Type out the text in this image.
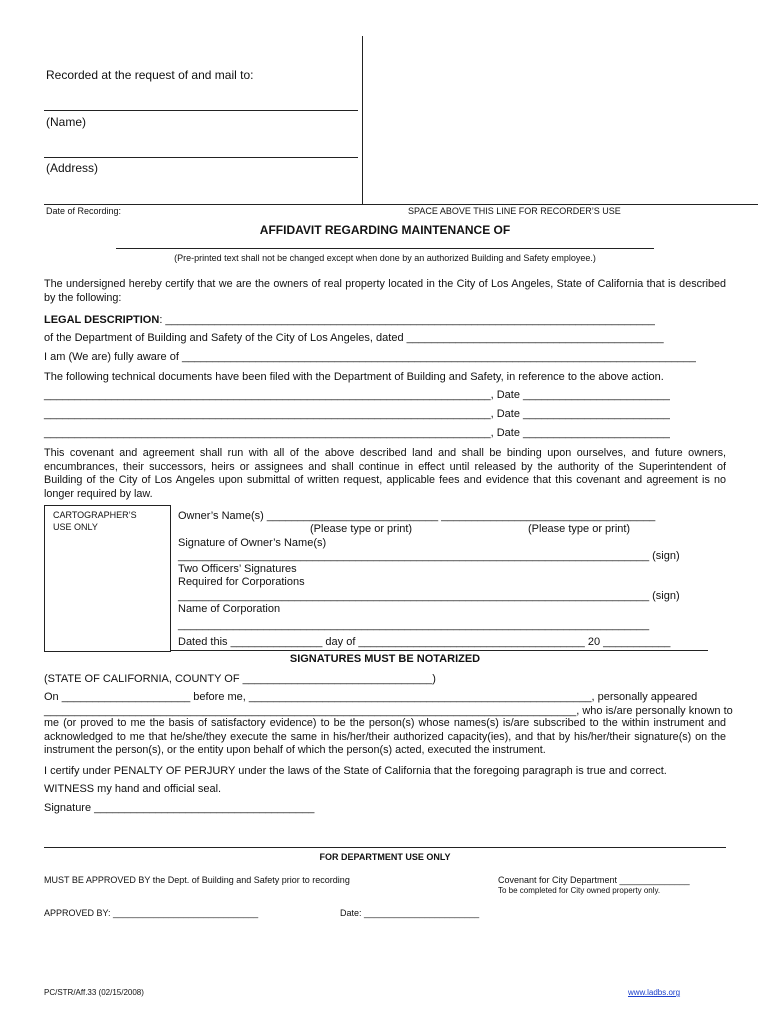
Recorded at the request of and mail to:
(Name)
(Address)
Date of Recording:	SPACE ABOVE THIS LINE FOR RECORDER’S USE
AFFIDAVIT REGARDING MAINTENANCE OF
(Pre-printed text shall not be changed except when done by an authorized Building and Safety employee.)
The undersigned hereby certify that we are the owners of real property located in the City of Los Angeles, State of California that is described by the following:
LEGAL DESCRIPTION: ________________________________________________________________________________
of the Department of Building and Safety of the City of Los Angeles, dated __________________________________________
I am (We are) fully aware of ____________________________________________________________________________________
The following technical documents have been filed with the Department of Building and Safety, in reference to the above action.
_________________________________________________________________________, Date ________________________
_________________________________________________________________________, Date ________________________
_________________________________________________________________________, Date ________________________
This covenant and agreement shall run with all of the above described land and shall be binding upon ourselves, and future owners, encumbrances, their successors, heirs or assignees and shall continue in effect until released by the authority of the Superintendent of Building of the City of Los Angeles upon submittal of written request, applicable fees and evidence that this covenant and agreement is no longer required by law.
CARTOGRAPHER’S
USE ONLY
Owner’s Name(s) ____________________________ ___________________________________
(Please type or print)	(Please type or print)
Signature of Owner’s Name(s)
_____________________________________________________________________________ (sign)
Two Officers’ Signatures
Required for Corporations
_____________________________________________________________________________ (sign)
Name of Corporation
_____________________________________________________________________________
Dated this _______________ day of _____________________________________ 20 ___________
SIGNATURES MUST BE NOTARIZED
(STATE OF CALIFORNIA, COUNTY OF _______________________________)
On _____________________ before me, ________________________________________________________, personally appeared
_______________________________________________________________________________________, who is/are personally known to
me (or proved to me the basis of satisfactory evidence) to be the person(s) whose names(s) is/are subscribed to the within instrument and acknowledged to me that he/she/they execute the same in his/her/their authorized capacity(ies), and that by his/her/their signature(s) on the instrument the person(s), or the entity upon behalf of which the person(s) acted, executed the instrument.
I certify under PENALTY OF PERJURY under the laws of the State of California that the foregoing paragraph is true and correct.
WITNESS my hand and official seal.
Signature ____________________________________
FOR DEPARTMENT USE ONLY
MUST BE APPROVED BY the Dept. of Building and Safety prior to recording	Covenant for City Department ______________
To be completed for City owned property only.
APPROVED BY: _____________________________	Date: _______________________
PC/STR/Aff.33 (02/15/2008)	www.ladbs.org
